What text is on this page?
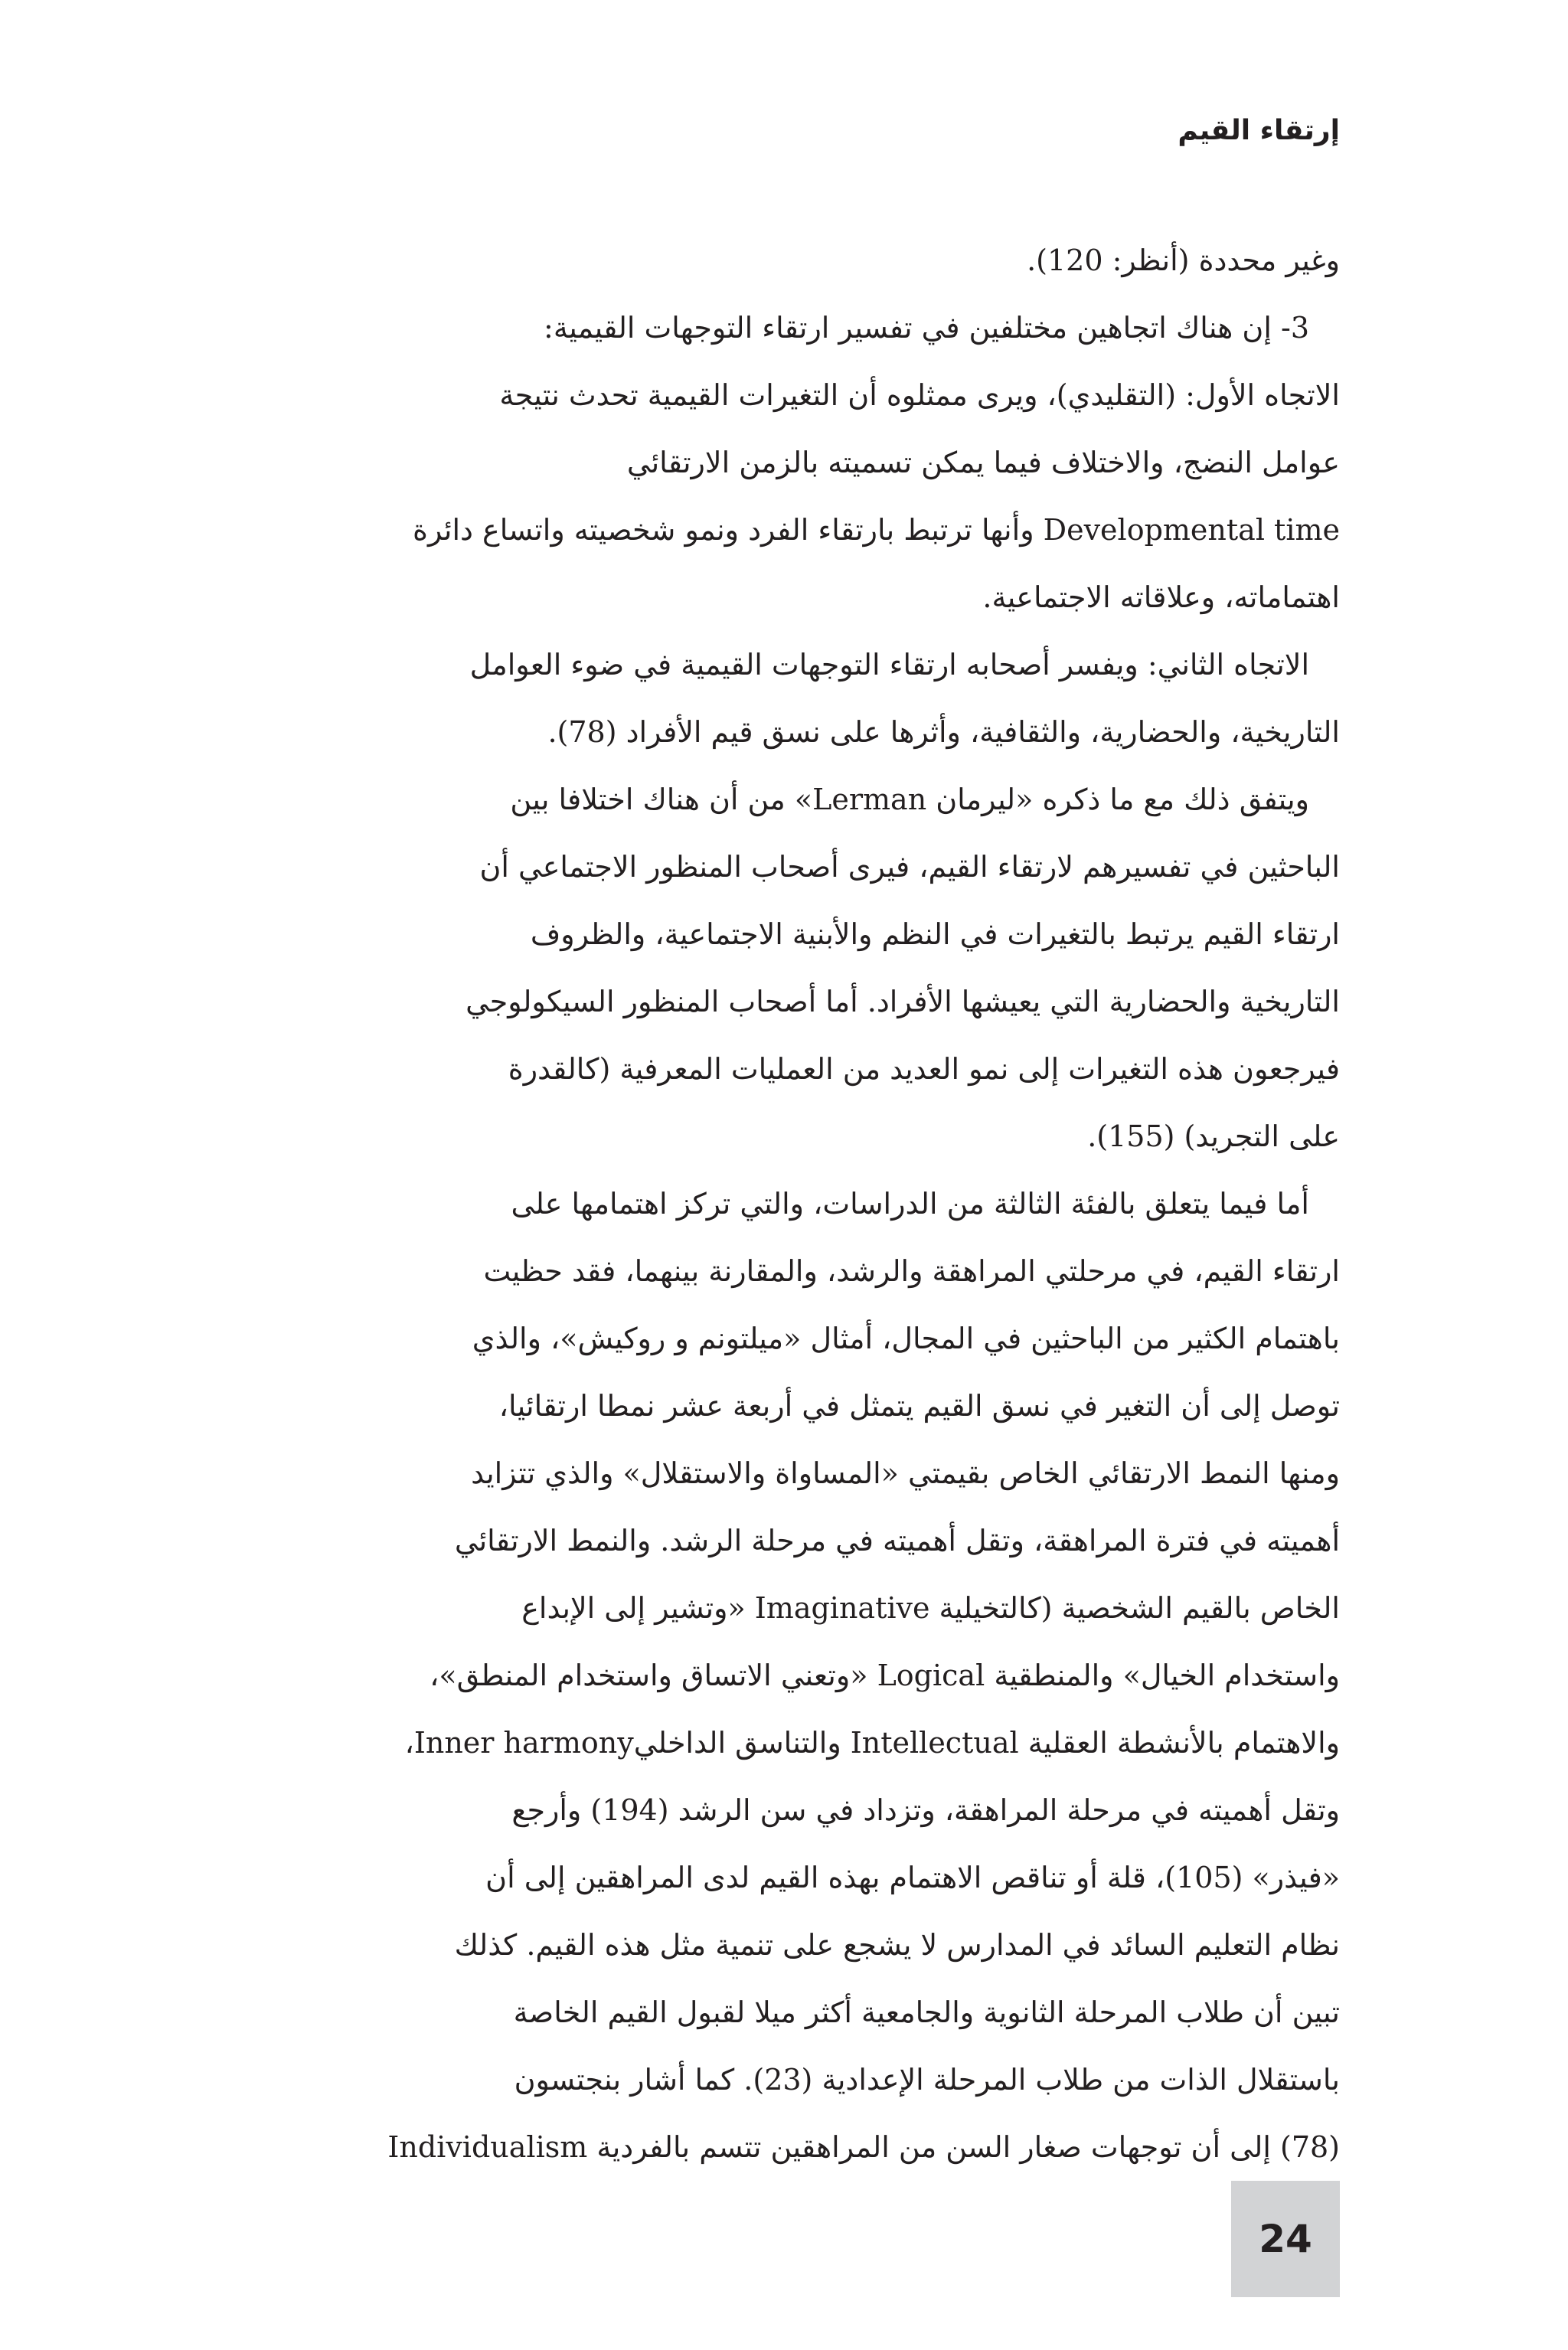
إرتقاء القيم
وغير محددة (أنظر: 120).
3- إن هناك اتجاهين مختلفين في تفسير ارتقاء التوجهات القيمية:
الاتجاه الأول: (التقليدي)، ويرى ممثلوه أن التغيرات القيمية تحدث نتيجة
عوامل النضج، والاختلاف فيما يمكن تسميته بالزمن الارتقائي
Developmental time وأنها ترتبط بارتقاء الفرد ونمو شخصيته واتساع دائرة
اهتماماته، وعلاقاته الاجتماعية.
الاتجاه الثاني: ويفسر أصحابه ارتقاء التوجهات القيمية في ضوء العوامل
التاريخية، والحضارية، والثقافية، وأثرها على نسق قيم الأفراد (78).
ويتفق ذلك مع ما ذكره «ليرمان Lerman» من أن هناك اختلافا بين
الباحثين في تفسيرهم لارتقاء القيم، فيرى أصحاب المنظور الاجتماعي أن
ارتقاء القيم يرتبط بالتغيرات في النظم والأبنية الاجتماعية، والظروف
التاريخية والحضارية التي يعيشها الأفراد. أما أصحاب المنظور السيكولوجي
فيرجعون هذه التغيرات إلى نمو العديد من العمليات المعرفية (كالقدرة
على التجريد) (155).
أما فيما يتعلق بالفئة الثالثة من الدراسات، والتي تركز اهتمامها على
ارتقاء القيم، في مرحلتي المراهقة والرشد، والمقارنة بينهما، فقد حظيت
باهتمام الكثير من الباحثين في المجال، أمثال «ميلتونم و روكيش»، والذي
توصل إلى أن التغير في نسق القيم يتمثل في أربعة عشر نمطا ارتقائيا،
ومنها النمط الارتقائي الخاص بقيمتي «المساواة والاستقلال» والذي تتزايد
أهميته في فترة المراهقة، وتقل أهميته في مرحلة الرشد. والنمط الارتقائي
الخاص بالقيم الشخصية (كالتخيلية Imaginative «وتشير إلى الإبداع
واستخدام الخيال» والمنطقية Logical «وتعني الاتساق واستخدام المنطق»،
والاهتمام بالأنشطة العقلية Intellectual والتناسق الداخليInner harmony،
وتقل أهميته في مرحلة المراهقة، وتزداد في سن الرشد (194) وأرجع
«فيذر» (105)، قلة أو تناقص الاهتمام بهذه القيم لدى المراهقين إلى أن
نظام التعليم السائد في المدارس لا يشجع على تنمية مثل هذه القيم. كذلك
تبين أن طلاب المرحلة الثانوية والجامعية أكثر ميلا لقبول القيم الخاصة
باستقلال الذات من طلاب المرحلة الإعدادية (23). كما أشار بنجتسون
(78) إلى أن توجهات صغار السن من المراهقين تتسم بالفردية Individualism
24
